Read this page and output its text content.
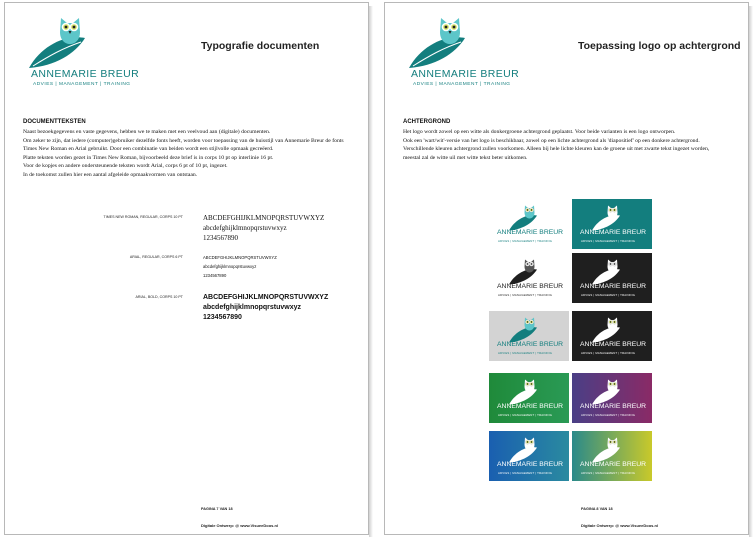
ANNEMARIE BREUR
ADVIES | MANAGEMENT | TRAINING
Typografie documenten
DOCUMENTTEKSTEN

Naast bezoekgegevens en vaste gegevens, hebben we te maken met een veelvoud aan (digitale) documenten.

Om zeker te zijn, dat iedere (computer)gebruiker dezelfde fonts heeft, worden voor toepassing van de huisstijl van Annemarie Breur de fonts Times New Roman en Arial gebruikt. Door een combinatie van beiden wordt een stijlvolle opmaak gecreëerd.

Platte teksten worden gezet in Times New Roman, bijvoorbeeld deze brief is in corps 10 pt op interlinie 16 pt.

Voor de kopjes en andere ondersteunende teksten wordt Arial, corps 6 pt of 10 pt, ingezet.

In de toekomst zullen hier een aantal afgeleide opmaakvormen van ontstaan.

TIMES NEW ROMAN, REGULAR, CORPS 10 PT	ABCDEFGHIJKLMNOPQRSTUVWXYZ
abcdefghijklmnopqrstuvwxyz
1234567890
ARIAL, REGULAR, CORPS 6 PT	ABCDEFGHIJKLMNOPQRSTUVWXYZ
abcdefghijklmnopqrstuvwxyz
1234567890
ARIAL, BOLD, CORPS 10 PT	ABCDEFGHIJKLMNOPQRSTUVWXYZ
abcdefghijklmnopqrstuvwxyz
1234567890
PAGINA 7 VAN 18
Digitale Ontwerp: @ www.VisueeDoos.nl
ANNEMARIE BREUR
ADVIES | MANAGEMENT | TRAINING
Toepassing logo op achtergrond
ACHTERGROND

Het logo wordt zowel op een witte als donkergroene achtergrond geplaatst. Voor beide varianten is een logo ontworpen.

Ook een 'wart/wit'-versie van het logo is beschikbaar, zowel op een lichte achtergrond als 'diapositief' op een donkere achtergrond.

Verschillende kleuren achtergrond zullen voorkomen. Alleen bij hele lichte kleuren kan de groene uit met zwarte tekst ingezet worden, meestal zal de witte uil met witte tekst beter uitkomen.

ANNEMARIE BREUR
ADVIES | MANAGEMENT | TRAINING
ANNEMARIE BREUR
ADVIES | MANAGEMENT | TRAINING
ANNEMARIE BREUR
ADVIES | MANAGEMENT | TRAINING
ANNEMARIE BREUR
ADVIES | MANAGEMENT | TRAINING
ANNEMARIE BREUR
ADVIES | MANAGEMENT | TRAINING
ANNEMARIE BREUR
ADVIES | MANAGEMENT | TRAINING
ANNEMARIE BREUR
ADVIES | MANAGEMENT | TRAINING
ANNEMARIE BREUR
ADVIES | MANAGEMENT | TRAINING
ANNEMARIE BREUR
ADVIES | MANAGEMENT | TRAINING
ANNEMARIE BREUR
ADVIES | MANAGEMENT | TRAINING
PAGINA 8 VAN 18
Digitale Ontwerp: @ www.VisueeDoos.nl
